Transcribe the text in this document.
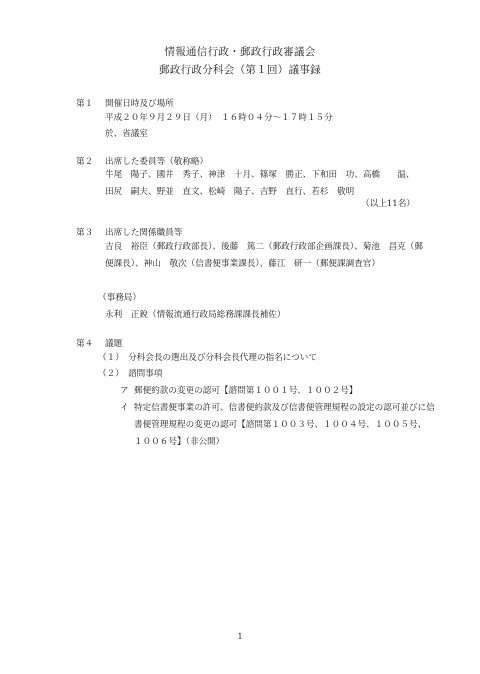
情報通信行政・郵政行政審議会
郵政行政分科会（第１回）議事録
第１ 開催日時及び場所
平成２０年９月２９日（月）　１６時０４分～１７時１５分
於、省議室
第２ 出席した委員等（敬称略）
牛尾　陽子、國井　秀子、神津　十月、篠塚　勝正、下和田　功、高橋　　温、
田尻　嗣夫、野並　直文、松崎　陽子、吉野　直行、若杉　敬明
（以上11名）
第３ 出席した関係職員等
吉良　裕臣（郵政行政部長）、後藤　篤二（郵政行政部企画課長）、菊池　昌克（郵
便課長）、神山　敬次（信書便事業課長）、藤江　研一（郵便課調査官）
（事務局）
永利　正銳（情報流通行政局総務課課長補佐）
第４ 議題
（１）　分科会長の選出及び分科会長代理の指名について
（２）　諮問事項
ア 郵便約款の変更の認可【諮問第１００１号、１００２号】
イ 特定信書便事業の許可、信書便約款及び信書便管理規程の設定の認可並びに信
書便管理規程の変更の認可【諮問第１００３号、１００４号、１００５号、
１００６号】（非公開）
1
